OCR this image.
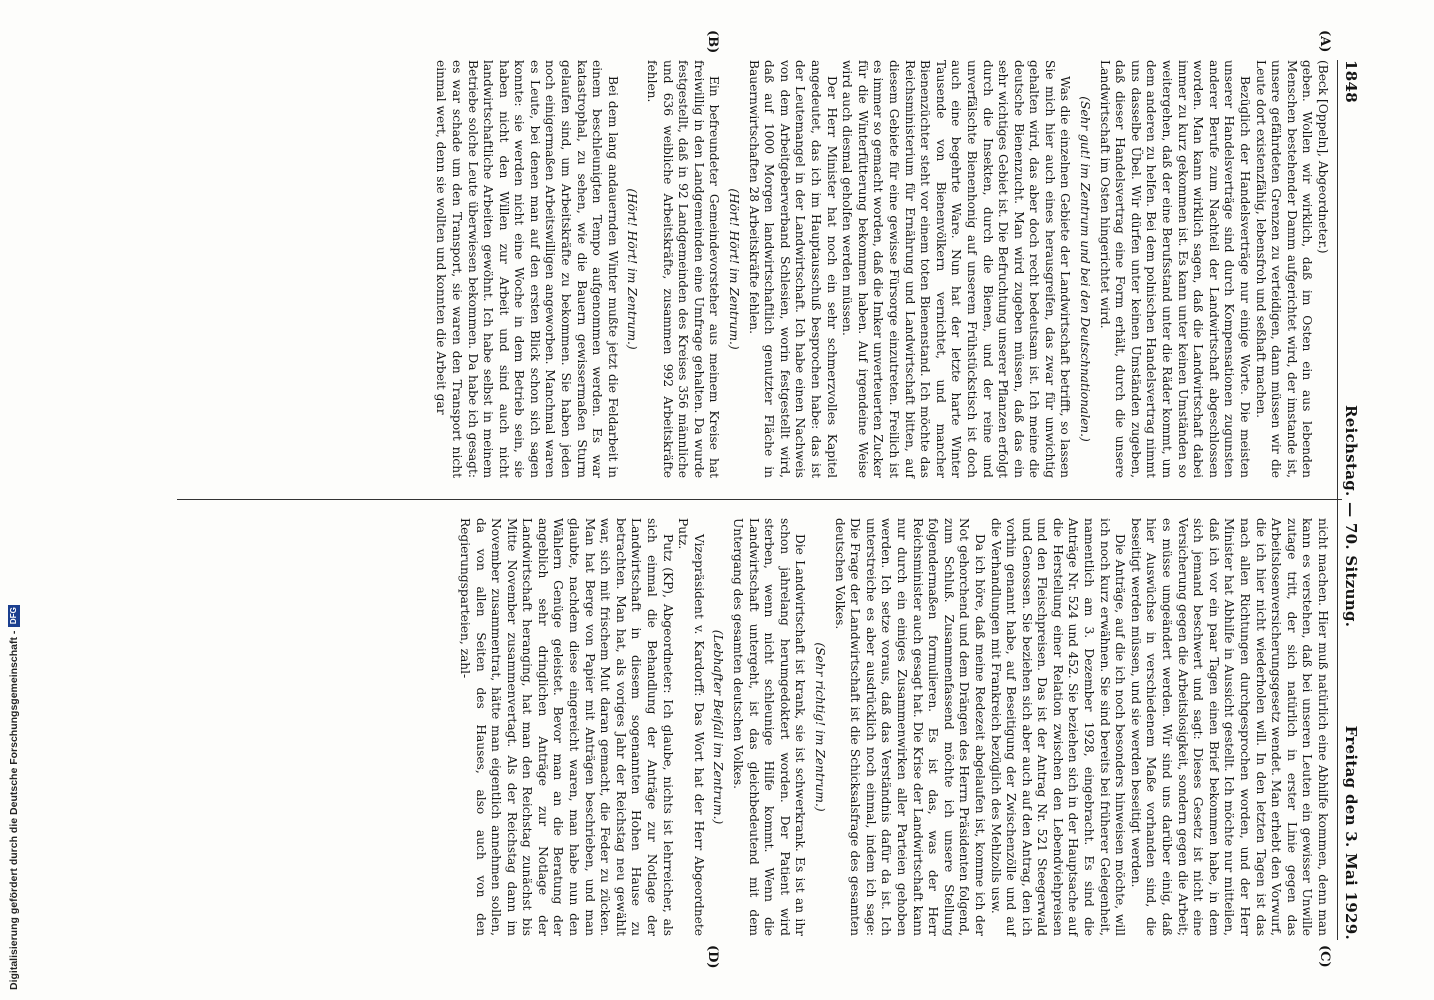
1848
Reichstag. — 70. Sitzung.
Freitag den 3. Mai 1929.

(Beck [Oppeln], Abgeordneter.)

geben. Wollen wir wirklich, daß im Osten ein aus lebenden Menschen bestehender Damm aufgerichtet wird, der imstande ist, unsere gefährdeten Grenzen zu verteidigen, dann müssen wir die Leute dort existenzfähig, lebensfroh und seßhaft machen.

Bezüglich der Handelsverträge nur einige Worte. Die meisten unserer Handelsverträge sind durch Kompensationen zugunsten anderer Berufe zum Nachteil der Landwirtschaft abgeschlossen worden. Man kann wirklich sagen, daß die Landwirtschaft dabei immer zu kurz gekommen ist. Es kann unter keinen Umständen so weitergehen, daß der eine Berufsstand unter die Räder kommt, um dem anderen zu helfen. Bei dem polnischen Handelsvertrag nimmt uns dasselbe Übel. Wir dürfen unter keinen Umständen zugeben, daß dieser Handelsvertrag eine Form erhält, durch die unsere Landwirtschaft im Osten hingerichtet wird.

(Sehr gut! im Zentrum und bei den Deutschnationalen.)

Was die einzelnen Gebiete der Landwirtschaft betrifft, so lassen Sie mich hier auch eines herausgreifen, das zwar für unwichtig gehalten wird, das aber doch recht bedeutsam ist. Ich meine die deutsche Bienenzucht. Man wird zugeben müssen, daß das ein sehr wichtiges Gebiet ist. Die Befruchtung unserer Pflanzen erfolgt durch die Insekten, durch die Bienen, und der reine und unverfälschte Bienenhonig auf unserem Frühstückstisch ist doch auch eine begehrte Ware. Nun hat der letzte harte Winter Tausende von Bienenvölkern vernichtet, und mancher Bienenzüchter steht vor einem toten Bienenstand. Ich möchte das Reichsministerium für Ernährung und Landwirtschaft bitten, auf diesem Gebiete für eine gewisse Fürsorge einzutreten. Freilich ist es immer so gemacht worden, daß die Imker unverteuerten Zucker für die Winterfütterung bekommen haben. Auf irgendeine Weise wird auch diesmal geholfen werden müssen.

Der Herr Minister hat noch ein sehr schmerzvolles Kapitel angedeutet, das ich im Hauptausschuß besprochen habe: das ist der Leutemangel in der Landwirtschaft. Ich habe einen Nachweis von dem Arbeitgeberverband Schlesien, worin festgestellt wird, daß auf 1000 Morgen landwirtschaftlich genutzter Fläche in Bauernwirtschaften 28 Arbeitskräfte fehlen.

(Hört! Hört! im Zentrum.)

Ein befreundeter Gemeindevorsteher aus meinem Kreise hat freiwillig in den Landgemeinden eine Umfrage gehalten. Da wurde festgestellt, daß in 92 Landgemeinden des Kreises 356 männliche und 636 weibliche Arbeitskräfte, zusammen 992 Arbeitskräfte fehlen.

(Hört! Hört! im Zentrum.)

Bei dem lang andauernden Winter mußte jetzt die Feldarbeit in einem beschleunigten Tempo aufgenommen werden. Es war katastrophal, zu sehen, wie die Bauern gewissermaßen Sturm gelaufen sind, um Arbeitskräfte zu bekommen. Sie haben jeden noch einigermaßen Arbeitswilligen angeworben. Manchmal waren es Leute, bei denen man auf den ersten Blick schon sich sagen konnte: sie werden nicht eine Woche in dem Betrieb sein, sie haben nicht den Willen zur Arbeit und sind auch nicht landwirtschaftliche Arbeiten gewöhnt. Ich habe selbst in meinem Betriebe solche Leute überwiesen bekommen. Da habe ich gesagt: es war schade um den Transport, sie waren den Transport nicht einmal wert, denn sie wollten und konnten die Arbeit gar

nicht machen. Hier muß natürlich eine Abhilfe kommen, denn man kann es verstehen, daß bei unseren Leuten ein gewisser Unwille zutage tritt, der sich natürlich in erster Linie gegen das Arbeitslosenversicherungsgesetz wendet. Man erhebt den Vorwurf, die ich hier nicht wiederholen will. In den letzten Tagen ist das nach allen Richtungen durchgesprochen worden, und der Herr Minister hat Abhilfe in Aussicht gestellt. Ich möchte nur mitteilen, daß ich vor ein paar Tagen einen Brief bekommen habe, in dem sich jemand beschwert und sagt: Dieses Gesetz ist nicht eine Versicherung gegen die Arbeitslosigkeit, sondern gegen die Arbeit; es müsse umgeändert werden. Wir sind uns darüber einig, daß hier Auswüchse in verschiedenem Maße vorhanden sind, die beseitigt werden müssen, und sie werden beseitigt werden.

Die Anträge, auf die ich noch besonders hinweisen möchte, will ich noch kurz erwähnen. Sie sind bereits bei früherer Gelegenheit, namentlich am 3. Dezember 1928, eingebracht. Es sind die Anträge Nr. 524 und 452. Sie beziehen sich in der Hauptsache auf die Herstellung einer Relation zwischen den Lebendviehpreisen und den Fleischpreisen. Das ist der Antrag Nr. 521 Steegerwald und Genossen. Sie beziehen sich aber auch auf den Antrag, den ich vorhin genannt habe, auf Beseitigung der Zwischenzölle und auf die Verhandlungen mit Frankreich bezüglich des Mehlzolls usw.

Da ich höre, daß meine Redezeit abgelaufen ist, komme ich der Not gehorchend und dem Drängen des Herrn Präsidenten folgend, zum Schluß. Zusammenfassend möchte ich unsere Stellung folgendermaßen formulieren. Es ist das, was der Herr Reichsminister auch gesagt hat. Die Krise der Landwirtschaft kann nur durch ein einiges Zusammenwirken aller Parteien gehoben werden. Ich setze voraus, daß das Verständnis dafür da ist. Ich unterstreiche es aber ausdrücklich noch einmal, indem ich sage: Die Frage der Landwirtschaft ist die Schicksalsfrage des gesamten deutschen Volkes.

(Sehr richtig! im Zentrum.)

Die Landwirtschaft ist krank, sie ist schwerkrank. Es ist an ihr schon jahrelang herumgedoktert worden. Der Patient wird sterben, wenn nicht schleunige Hilfe kommt. Wenn die Landwirtschaft untergeht, ist das gleichbedeutend mit dem Untergang des gesamten deutschen Volkes.

(Lebhafter Beifall im Zentrum.)

Vizepräsident v. Kardorff: Das Wort hat der Herr Abgeordnete Putz.

Putz (KP), Abgeordneter: Ich glaube, nichts ist lehrreicher, als sich einmal die Behandlung der Anträge zur Notlage der Landwirtschaft in diesem sogenannten Hohen Hause zu betrachten. Man hat, als voriges Jahr der Reichstag neu gewählt war, sich mit frischem Mut daran gemacht, die Feder zu zücken. Man hat Berge von Papier mit Anträgen beschrieben, und man glaubte, nachdem diese eingereicht waren, man habe nun den Wählern Genüge geleistet. Bevor man an die Beratung der angeblich sehr dringlichen Anträge zur Notlage der Landwirtschaft heranging, hat man den Reichstag zunächst bis Mitte November zusammenvertagt. Als der Reichstag dann im November zusammentrat, hätte man eigentlich annehmen sollen, da von allen Seiten des Hauses, also auch von den Regierungsparteien, zahl-

(A)
(B)
(C)
(D)
Digitalisierung gefördert durch die Deutsche Forschungsgemeinschaft -
DFG
